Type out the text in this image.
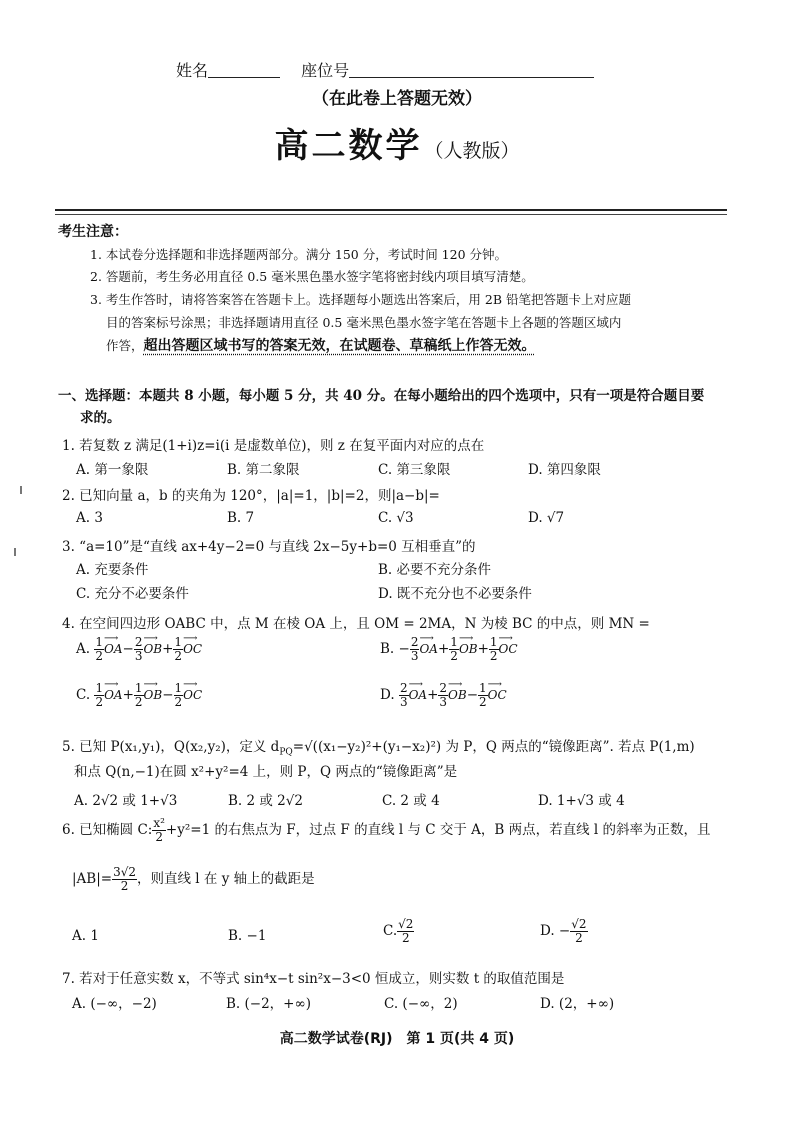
姓名	座位号
（在此卷上答题无效）
高二数学 （人教版）
考生注意：
1. 本试卷分选择题和非选择题两部分。满分 150 分，考试时间 120 分钟。
2. 答题前，考生务必用直径 0.5 毫米黑色墨水签字笔将密封线内项目填写清楚。
3. 考生作答时，请将答案答在答题卡上。选择题每小题选出答案后，用 2B 铅笔把答题卡上对应题
目的答案标号涂黑；非选择题请用直径 0.5 毫米黑色墨水签字笔在答题卡上各题的答题区域内
作答，超出答题区域书写的答案无效，在试题卷、草稿纸上作答无效。
一、选择题：本题共 8 小题，每小题 5 分，共 40 分。在每小题给出的四个选项中，只有一项是符合题目要
求的。
1. 若复数 z 满足(1+i)z=i(i 是虚数单位)，则 z 在复平面内对应的点在
A. 第一象限	B. 第二象限	C. 第三象限	D. 第四象限
2. 已知向量 a，b 的夹角为 120°，|a|=1，|b|=2，则|a−b|=
A. 3	B. 7	C. √3	D. √7
3. “a=10”是“直线 ax+4y−2=0 与直线 2x−5y+b=0 互相垂直”的
A. 充要条件	B. 必要不充分条件
C. 充分不必要条件	D. 既不充分也不必要条件
4. 在空间四边形 OABC 中，点 M 在棱 OA 上，且 OM = 2MA，N 为棱 BC 的中点，则 MN =
A. $\frac{1}{2}$ ⟶ $OA- \frac{2}{3}$ ⟶ $OB+ \frac{1}{2}$ ⟶ OC	B. − $\frac{2}{3}$ ⟶ $OA+ \frac{1}{2}$ ⟶ $OB+ \frac{1}{2}$ ⟶ OC
C. $\frac{1}{2}$ ⟶ $OA+ \frac{1}{2}$ ⟶ $OB- \frac{1}{2}$ ⟶ OC	D. $\frac{2}{3}$ ⟶ $OA+ \frac{2}{3}$ ⟶ $OB- \frac{1}{2}$ ⟶ OC
5. 已知 P(x₁,y₁)，Q(x₂,y₂)，定义 $d_{PQ}=√((x_1-y_2)^2+(y_1-x_2)^2)$ 为 P，Q 两点的“镜像距离”. 若点 P(1,m)
和点 Q(n,−1)在圆 x²+y²=4 上，则 P，Q 两点的“镜像距离”是
A. 2√2 或 1+√3	B. 2 或 2√2	C. 2 或 4	D. 1+√3 或 4
6. 已知椭圆 C: $\frac{\text{x²}}{2} +y^2=1$ 的右焦点为 F，过点 F 的直线 l 与 C 交于 A，B 两点，若直线 l 的斜率为正数，且
$|AB|= \frac{3√2}{2}$ ，则直线 l 在 y 轴上的截距是
A. 1	B. −1	C. $\frac{√2}{2}$	D. − $\frac{√2}{2}$
7. 若对于任意实数 x，不等式 sin⁴x−t sin²x−3<0 恒成立，则实数 t 的取值范围是
A. (−∞，−2)	B. (−2，+∞)	C. (−∞，2)	D. (2，+∞)
高二数学试卷(RJ)　第 1 页(共 4 页)
